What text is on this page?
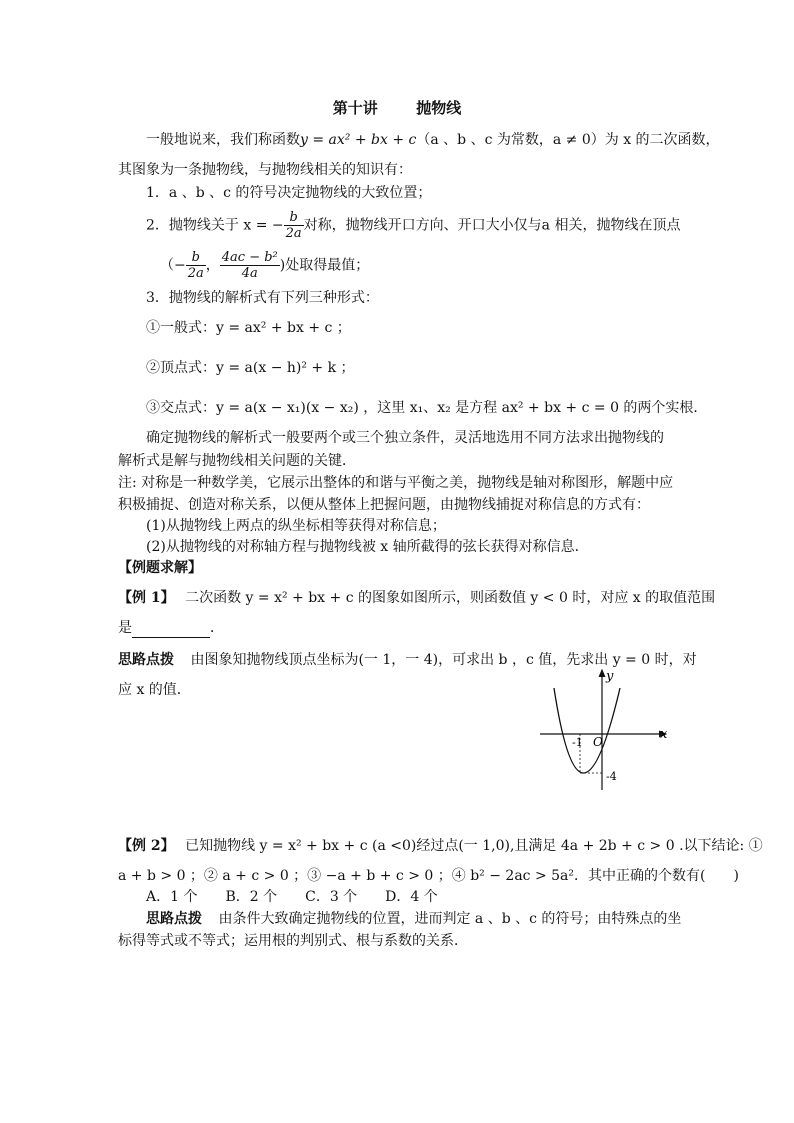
第十讲	抛物线
一般地说来，我们称函数y = ax² + bx + c（a 、b 、c 为常数，a ≠ 0）为 x 的二次函数，
其图象为一条抛物线，与抛物线相关的知识有：
1．a 、b 、c 的符号决定抛物线的大致位置；
2．抛物线关于 x = − $\frac{b}{2a}$ 对称，抛物线开口方向、开口大小仅与a 相关，抛物线在顶点
（− $\frac{b}{2a}$ ， $\frac{\text{4ac − b²}}{4a}$ )处取得最值；
3．抛物线的解析式有下列三种形式：
①一般式：y = ax² + bx + c ；
②顶点式：y = a(x − h)² + k ；
③交点式：y = a(x − x₁)(x − x₂) ，这里 x₁、x₂ 是方程 ax² + bx + c = 0 的两个实根．
确定抛物线的解析式一般要两个或三个独立条件，灵活地选用不同方法求出抛物线的
解析式是解与抛物线相关问题的关键．
注: 对称是一种数学美，它展示出整体的和谐与平衡之美，抛物线是轴对称图形，解题中应
积极捕捉、创造对称关系，以便从整体上把握问题，由抛物线捕捉对称信息的方式有：
(1)从抛物线上两点的纵坐标相等获得对称信息；
(2)从抛物线的对称轴方程与抛物线被 x 轴所截得的弦长获得对称信息．
【例题求解】
【例 1】 二次函数 y = x² + bx + c 的图象如图所示，则函数值 y < 0 时，对应 x 的取值范围
是	．
思路点拨 由图象知抛物线顶点坐标为(一 1，一 4)，可求出 b ，c 值，先求出 y = 0 时，对
应 x 的值．
y
x
O
-1
-4
【例 2】 已知抛物线 y = x² + bx + c (a <0)经过点(一 1,0),且满足 4a + 2b + c > 0 .以下结论: ①
a + b > 0 ；② a + c > 0 ；③ −a + b + c > 0 ；④ b² − 2ac > 5a²．其中正确的个数有(　　)
A．1 个　　B．2 个　　C．3 个　　D．4 个
思路点拨 由条件大致确定抛物线的位置，进而判定 a 、b 、c 的符号；由特殊点的坐
标得等式或不等式；运用根的判别式、根与系数的关系．
